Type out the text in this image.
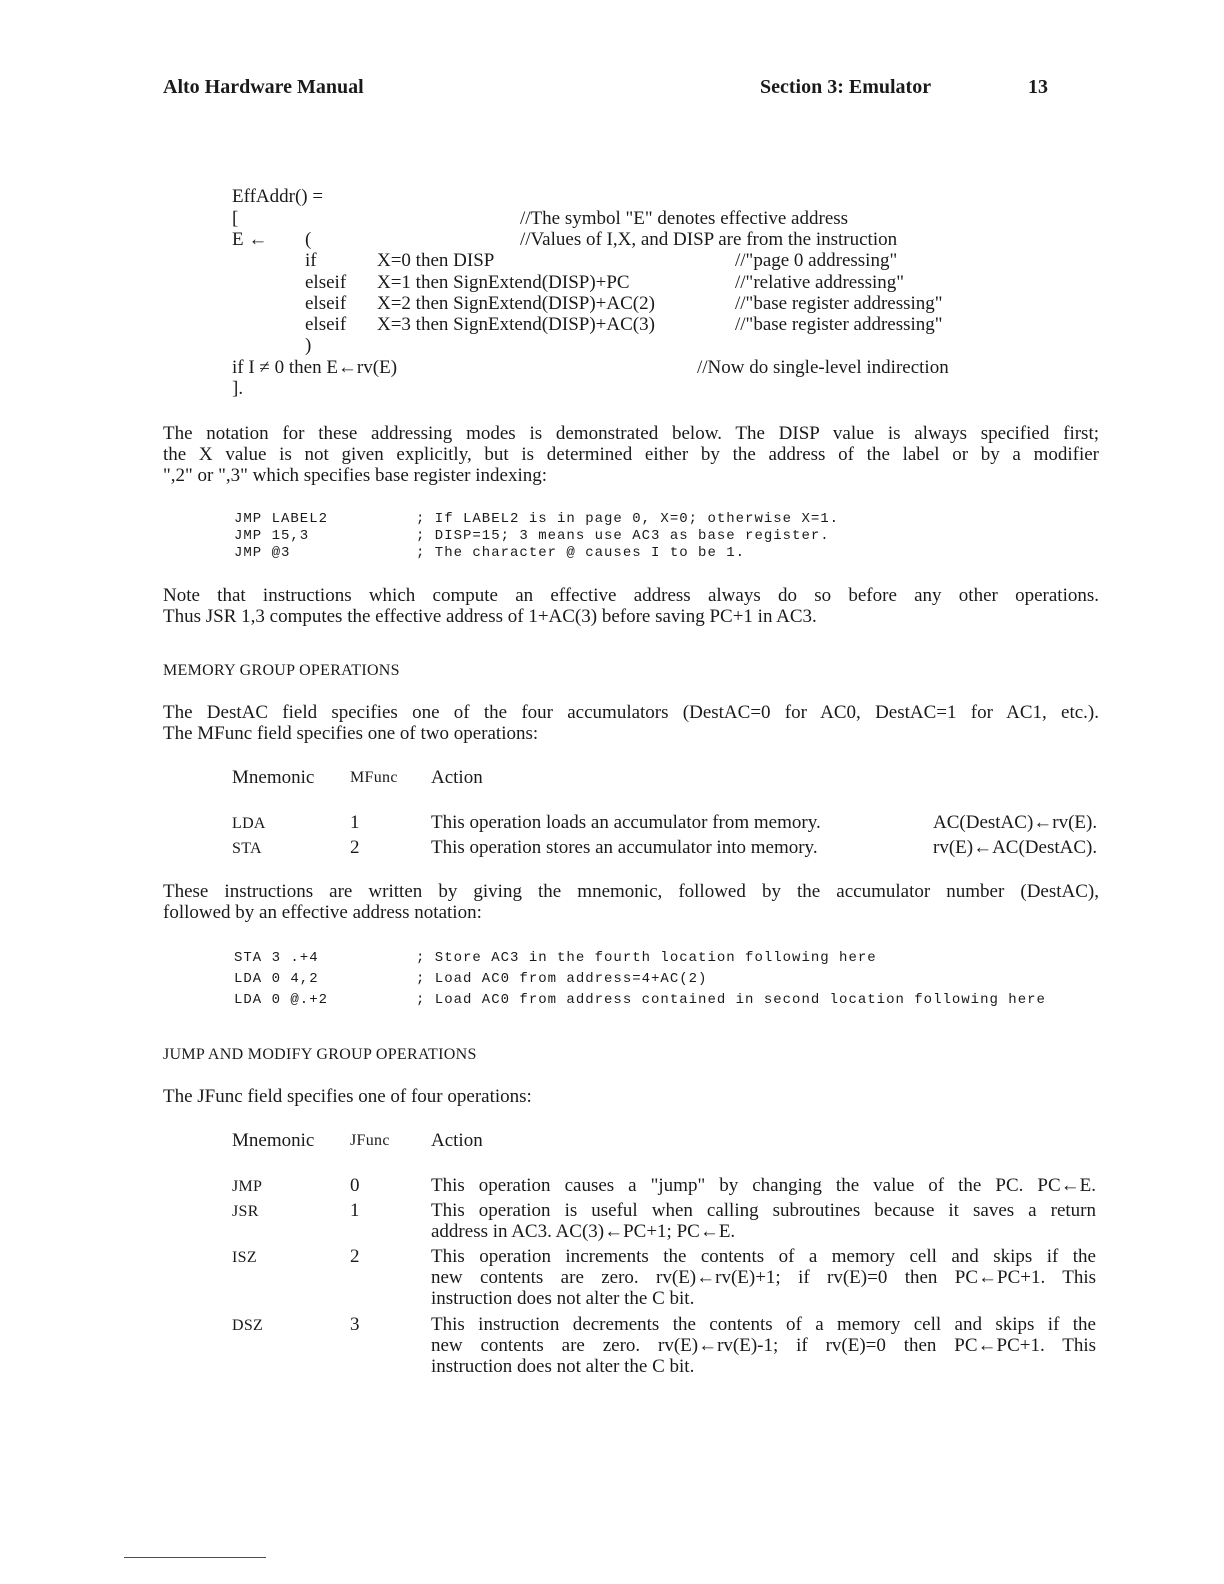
Alto Hardware Manual	Section 3: Emulator	13
EffAddr() =
[	//The symbol "E" denotes effective address
E ← (	//Values of I,X, and DISP are from the instruction
if	X=0 then DISP	//"page 0 addressing"
elseif X=1 then SignExtend(DISP)+PC	//"relative addressing"
elseif X=2 then SignExtend(DISP)+AC(2)	//"base register addressing"
elseif X=3 then SignExtend(DISP)+AC(3)	//"base register addressing"
)
if I ≠ 0 then E←rv(E)	//Now do single-level indirection
].
The notation for these addressing modes is demonstrated below. The DISP value is always specified first;
the X value is not given explicitly, but is determined either by the address of the label or by a modifier
",2" or ",3" which specifies base register indexing:
JMP LABEL2	; If LABEL2 is in page 0, X=0; otherwise X=1.
JMP 15,3	; DISP=15; 3 means use AC3 as base register.
JMP @3	; The character @ causes I to be 1.
Note that instructions which compute an effective address always do so before any other operations.
Thus JSR 1,3 computes the effective address of 1+AC(3) before saving PC+1 in AC3.
MEMORY GROUP OPERATIONS
The DestAC field specifies one of the four accumulators (DestAC=0 for AC0, DestAC=1 for AC1, etc.).
The MFunc field specifies one of two operations:
Mnemonic MFunc Action
LDA	1	This operation loads an accumulator from memory.	AC(DestAC)←rv(E).
STA	2	This operation stores an accumulator into memory.	rv(E)←AC(DestAC).
These instructions are written by giving the mnemonic, followed by the accumulator number (DestAC),
followed by an effective address notation:
STA 3 .+4	; Store AC3 in the fourth location following here
LDA 0 4,2	; Load AC0 from address=4+AC(2)
LDA 0 @.+2	; Load AC0 from address contained in second location following here
JUMP AND MODIFY GROUP OPERATIONS
The JFunc field specifies one of four operations:
Mnemonic JFunc Action
JMP	0	This operation causes a "jump" by changing the value of the PC. PC←E.
JSR	1	This operation is useful when calling subroutines because it saves a return
address in AC3. AC(3)←PC+1; PC←E.
ISZ	2	This operation increments the contents of a memory cell and skips if the
new contents are zero. rv(E)←rv(E)+1; if rv(E)=0 then PC←PC+1. This
instruction does not alter the C bit.
DSZ	3	This instruction decrements the contents of a memory cell and skips if the
new contents are zero. rv(E)←rv(E)-1; if rv(E)=0 then PC←PC+1. This
instruction does not alter the C bit.
